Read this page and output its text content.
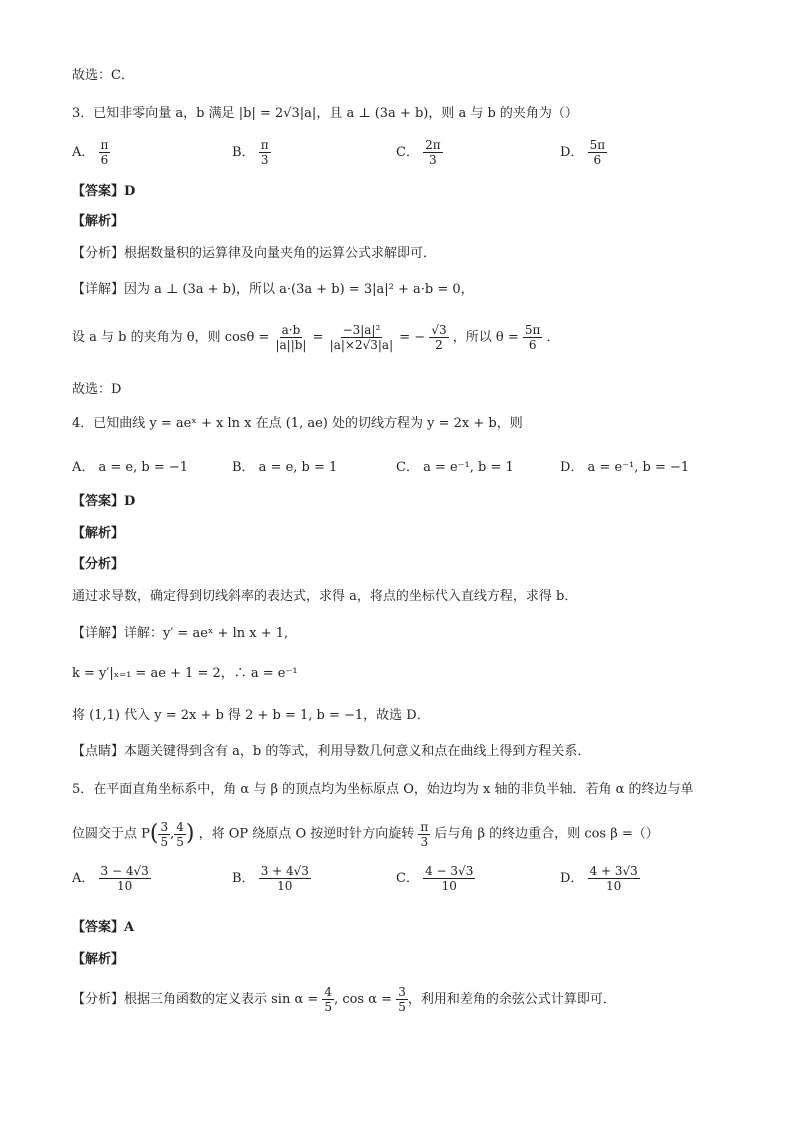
故选：C．
3．已知非零向量 a，b 满足 |b| = 2√3|a|，且 a ⊥ (3a + b)，则 a 与 b 的夹角为（）
A． $\frac{\pi}{6}$	B． $\frac{\pi}{3}$	C． $\frac{2\pi}{3}$	D． $\frac{5\pi}{6}$
【答案】D
【解析】
【分析】根据数量积的运算律及向量夹角的运算公式求解即可．
【详解】因为 a ⊥ (3a + b)，所以 a·(3a + b) = 3|a|² + a·b = 0，
设 a 与 b 的夹角为 θ，则 $\cos\theta = \frac{a\cdot b}{|a||b|} = \frac{\text{−3|a|²}}{|a|\times 2√3|a|}$ = − $\frac{√3}{2}$ ，所以 $\theta = \frac{5\pi}{6}$ ．
故选：D
4．已知曲线 y = aeˣ + x ln x 在点 (1, ae) 处的切线方程为 y = 2x + b，则
A． a = e, b = −1	B． a = e, b = 1	C． a = e⁻¹, b = 1	D． a = e⁻¹, b = −1
【答案】D
【解析】
【分析】
通过求导数，确定得到切线斜率的表达式，求得 a，将点的坐标代入直线方程，求得 b．
【详解】详解：y′ = aeˣ + ln x + 1,
k = y′|ₓ₌₁ = ae + 1 = 2，∴ a = e⁻¹
将 (1,1) 代入 y = 2x + b 得 2 + b = 1, b = −1，故选 D．
【点睛】本题关键得到含有 a，b 的等式，利用导数几何意义和点在曲线上得到方程关系．
5．在平面直角坐标系中，角 α 与 β 的顶点均为坐标原点 O，始边均为 x 轴的非负半轴．若角 α 的终边与单
位圆交于点 $P( \frac{3}{5}$ , $\frac{4}{5}$ ) ，将 OP 绕原点 O 按逆时针方向旋转 $\frac{\pi}{3}$ 后与角 β 的终边重合，则 cos β =（）
A． $\frac{3 - 4√3}{10}$	B． $\frac{3 + 4√3}{10}$	C． $\frac{4 - 3√3}{10}$	D． $\frac{4 + 3√3}{10}$
【答案】A
【解析】
【分析】根据三角函数的定义表示 $\sin \alpha = \frac{4}{5}$ , $\cos \alpha = \frac{3}{5}$ ，利用和差角的余弦公式计算即可．
